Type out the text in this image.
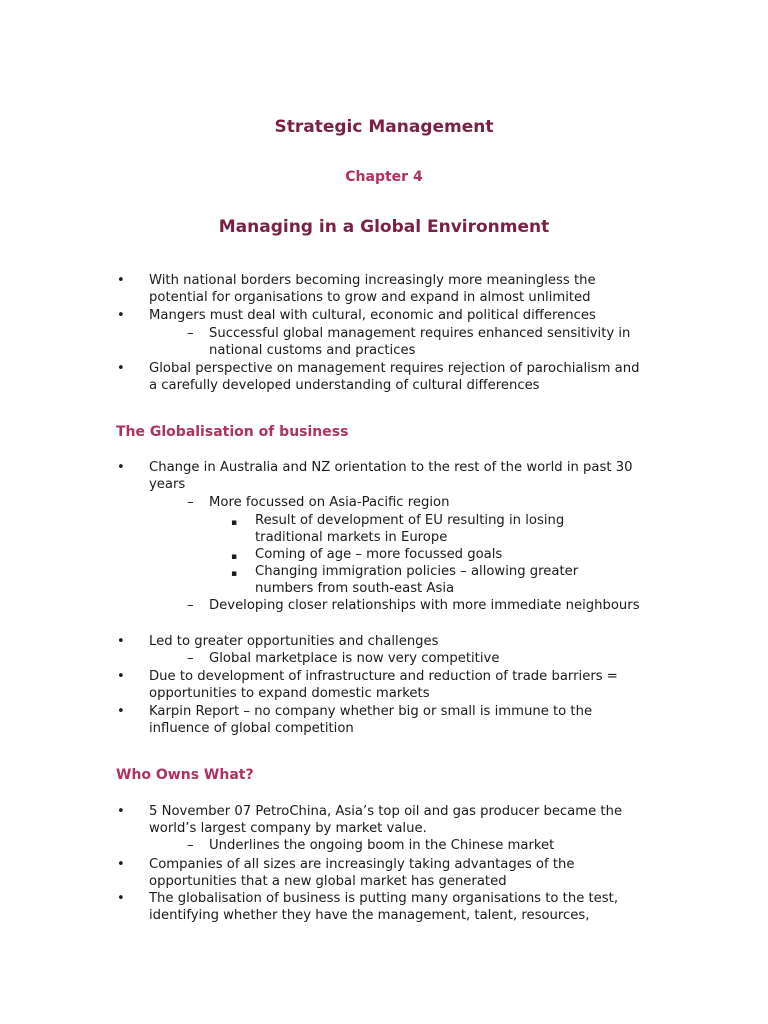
Strategic Management
Chapter 4
Managing in a Global Environment
• With national borders becoming increasingly more meaningless the potential for organisations to grow and expand in almost unlimited
• Mangers must deal with cultural, economic and political differences
– Successful global management requires enhanced sensitivity in national customs and practices
• Global perspective on management requires rejection of parochialism and a carefully developed understanding of cultural differences
The Globalisation of business
• Change in Australia and NZ orientation to the rest of the world in past 30 years
– More focussed on Asia-Pacific region
▪ Result of development of EU resulting in losing traditional markets in Europe
▪ Coming of age – more focussed goals
▪ Changing immigration policies – allowing greater numbers from south-east Asia
– Developing closer relationships with more immediate neighbours
• Led to greater opportunities and challenges
– Global marketplace is now very competitive
• Due to development of infrastructure and reduction of trade barriers = opportunities to expand domestic markets
• Karpin Report – no company whether big or small is immune to the influence of global competition
Who Owns What?
• 5 November 07 PetroChina, Asia’s top oil and gas producer became the world’s largest company by market value.
– Underlines the ongoing boom in the Chinese market
• Companies of all sizes are increasingly taking advantages of the opportunities that a new global market has generated
• The globalisation of business is putting many organisations to the test, identifying whether they have the management, talent, resources,
